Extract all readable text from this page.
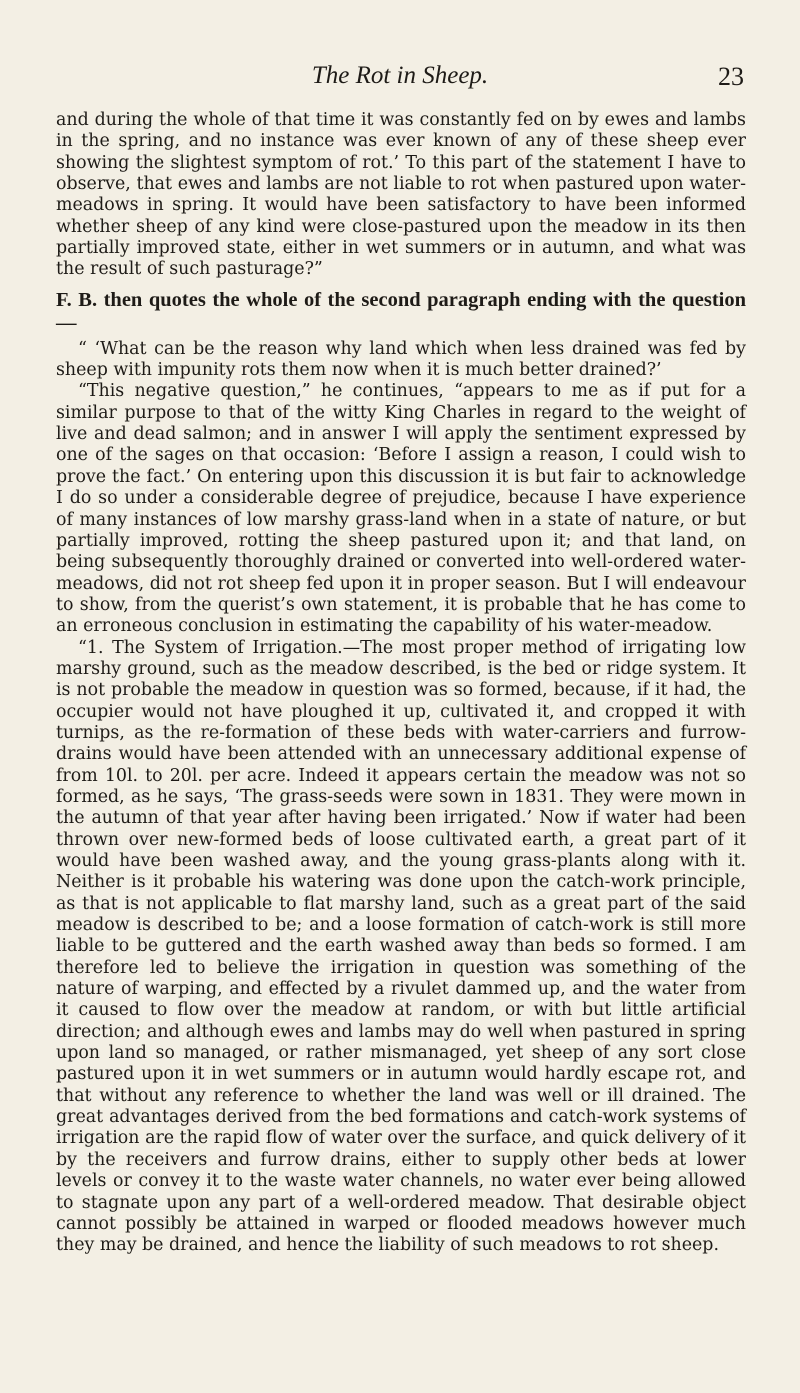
The Rot in Sheep.	23

and during the whole of that time it was constantly fed on by ewes and lambs in the spring, and no instance was ever known of any of these sheep ever showing the slightest symptom of rot.’ To this part of the statement I have to observe, that ewes and lambs are not liable to rot when pastured upon water-meadows in spring. It would have been satisfactory to have been informed whether sheep of any kind were close-pastured upon the meadow in its then partially improved state, either in wet summers or in autumn, and what was the result of such pasturage?”

F. B. then quotes the whole of the second paragraph ending with the question—

“ ‘What can be the reason why land which when less drained was fed by sheep with impunity rots them now when it is much better drained?’

“This negative question,” he continues, “appears to me as if put for a similar purpose to that of the witty King Charles in regard to the weight of live and dead salmon; and in answer I will apply the sentiment expressed by one of the sages on that occasion: ‘Before I assign a reason, I could wish to prove the fact.’ On entering upon this discussion it is but fair to acknowledge I do so under a considerable degree of prejudice, because I have experience of many instances of low marshy grass-land when in a state of nature, or but partially improved, rotting the sheep pastured upon it; and that land, on being subsequently thoroughly drained or converted into well-ordered water-meadows, did not rot sheep fed upon it in proper season. But I will endeavour to show, from the querist’s own statement, it is probable that he has come to an erroneous conclusion in estimating the capability of his water-meadow.

“1. The System of Irrigation.—The most proper method of irrigating low marshy ground, such as the meadow described, is the bed or ridge system. It is not probable the meadow in question was so formed, because, if it had, the occupier would not have ploughed it up, cultivated it, and cropped it with turnips, as the re-formation of these beds with water-carriers and furrow-drains would have been attended with an unnecessary additional expense of from 10l. to 20l. per acre. Indeed it appears certain the meadow was not so formed, as he says, ‘The grass-seeds were sown in 1831. They were mown in the autumn of that year after having been irrigated.’ Now if water had been thrown over new-formed beds of loose cultivated earth, a great part of it would have been washed away, and the young grass-plants along with it. Neither is it probable his watering was done upon the catch-work principle, as that is not applicable to flat marshy land, such as a great part of the said meadow is described to be; and a loose formation of catch-work is still more liable to be guttered and the earth washed away than beds so formed. I am therefore led to believe the irrigation in question was something of the nature of warping, and effected by a rivulet dammed up, and the water from it caused to flow over the meadow at random, or with but little artificial direction; and although ewes and lambs may do well when pastured in spring upon land so managed, or rather mismanaged, yet sheep of any sort close pastured upon it in wet summers or in autumn would hardly escape rot, and that without any reference to whether the land was well or ill drained. The great advantages derived from the bed formations and catch-work systems of irrigation are the rapid flow of water over the surface, and quick delivery of it by the receivers and furrow drains, either to supply other beds at lower levels or convey it to the waste water channels, no water ever being allowed to stagnate upon any part of a well-ordered meadow. That desirable object cannot possibly be attained in warped or flooded meadows however much they may be drained, and hence the liability of such meadows to rot sheep.
